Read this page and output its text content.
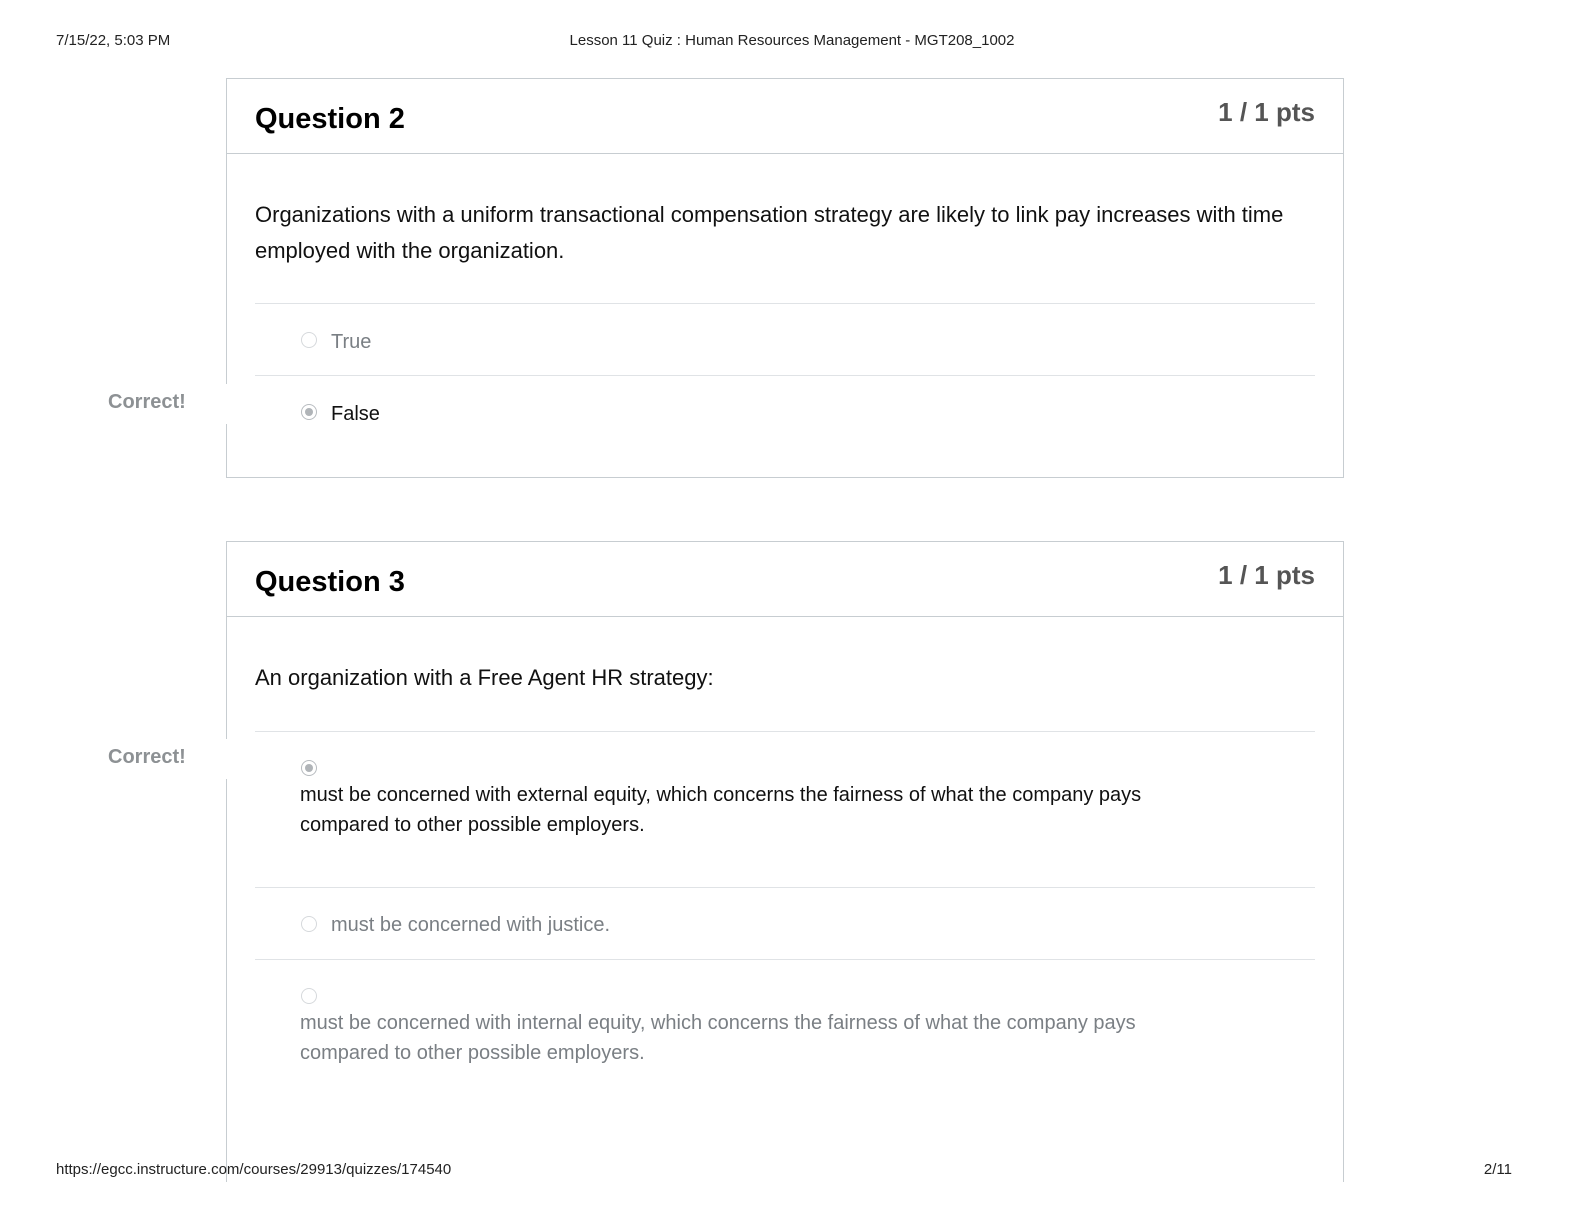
7/15/22, 5:03 PM	Lesson 11 Quiz : Human Resources Management - MGT208_1002
Question 2	1 / 1 pts
Organizations with a uniform transactional compensation strategy are likely to link pay increases with time employed with the organization.
True
False
Correct!
Question 3	1 / 1 pts
An organization with a Free Agent HR strategy:
must be concerned with external equity, which concerns the fairness of what the company pays compared to other possible employers.
must be concerned with justice.
must be concerned with internal equity, which concerns the fairness of what the company pays compared to other possible employers.
Correct!
https://egcc.instructure.com/courses/29913/quizzes/174540	2/11
